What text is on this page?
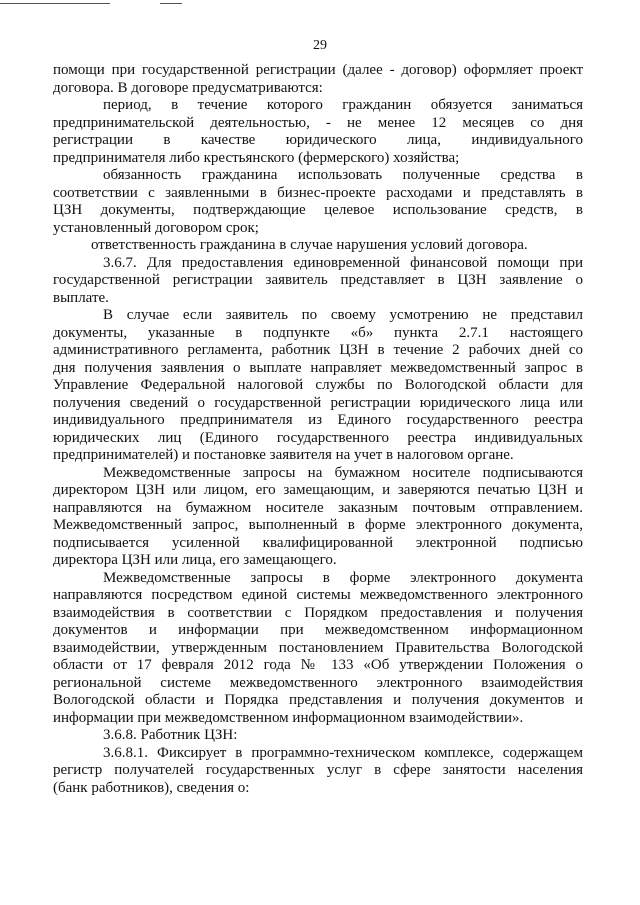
29

помощи при государственной регистрации (далее - договор) оформляет проект

договора. В договоре предусматриваются:

период, в течение которого гражданин обязуется заниматься

предпринимательской деятельностью, - не менее 12 месяцев со дня

регистрации в качестве юридического лица, индивидуального

предпринимателя либо крестьянского (фермерского) хозяйства;

обязанность гражданина использовать полученные средства в

соответствии с заявленными в бизнес-проекте расходами и представлять в

ЦЗН документы, подтверждающие целевое использование средств, в

установленный договором срок;

ответственность гражданина в случае нарушения условий договора.

3.6.7. Для предоставления единовременной финансовой помощи при

государственной регистрации заявитель представляет в ЦЗН заявление о

выплате.

В случае если заявитель по своему усмотрению не представил

документы, указанные в подпункте «б» пункта 2.7.1 настоящего

административного регламента, работник ЦЗН в течение 2 рабочих дней со

дня получения заявления о выплате направляет межведомственный запрос в

Управление Федеральной налоговой службы по Вологодской области для

получения сведений о государственной регистрации юридического лица или

индивидуального предпринимателя из Единого государственного реестра

юридических лиц (Единого государственного реестра индивидуальных

предпринимателей) и постановке заявителя на учет в налоговом органе.

Межведомственные запросы на бумажном носителе подписываются

директором ЦЗН или лицом, его замещающим, и заверяются печатью ЦЗН и

направляются на бумажном носителе заказным почтовым отправлением.

Межведомственный запрос, выполненный в форме электронного документа,

подписывается усиленной квалифицированной электронной подписью

директора ЦЗН или лица, его замещающего.

Межведомственные запросы в форме электронного документа

направляются посредством единой системы межведомственного электронного

взаимодействия в соответствии с Порядком предоставления и получения

документов и информации при межведомственном информационном

взаимодействии, утвержденным постановлением Правительства Вологодской

области от 17 февраля 2012 года № 133 «Об утверждении Положения о

региональной системе межведомственного электронного взаимодействия

Вологодской области и Порядка представления и получения документов и

информации при межведомственном информационном взаимодействии».

3.6.8. Работник ЦЗН:

3.6.8.1. Фиксирует в программно-техническом комплексе, содержащем

регистр получателей государственных услуг в сфере занятости населения

(банк работников), сведения о:
